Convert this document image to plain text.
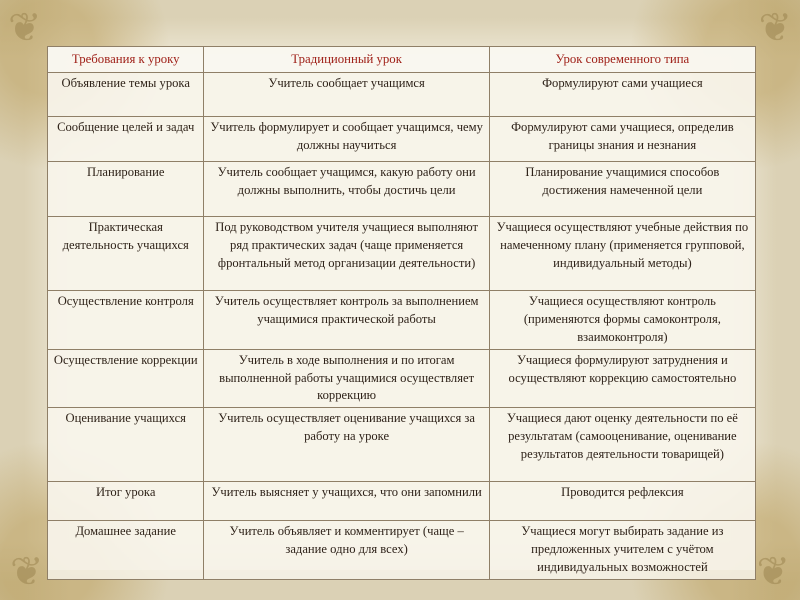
❦	❦
❦	❦
Требования к уроку	Традиционный урок	Урок современного типа
Объявление темы урока	Учитель сообщает учащимся	Формулируют сами учащиеся
Сообщение целей и задач	Учитель формулирует и сообщает учащимся, чему должны научиться	Формулируют сами учащиеся, определив границы знания и незнания
Планирование	Учитель сообщает учащимся, какую работу они должны выполнить, чтобы достичь цели	Планирование учащимися способов достижения намеченной цели
Практическая деятельность учащихся	Под руководством учителя учащиеся выполняют ряд практических задач (чаще применяется фронтальный метод организации деятельности)	Учащиеся осуществляют учебные действия по намеченному плану (применяется групповой, индивидуальный методы)
Осуществление контроля	Учитель осуществляет контроль за выполнением учащимися практической работы	Учащиеся осуществляют контроль (применяются формы самоконтроля, взаимоконтроля)
Осуществление коррекции	Учитель в ходе выполнения и по итогам выполненной работы учащимися осуществляет коррекцию	Учащиеся формулируют затруднения и осуществляют коррекцию самостоятельно
Оценивание учащихся	Учитель осуществляет оценивание учащихся за работу на уроке	Учащиеся дают оценку деятельности по её результатам (самооценивание, оценивание результатов деятельности товарищей)
Итог урока	Учитель выясняет у учащихся, что они запомнили	Проводится рефлексия
Домашнее задание	Учитель объявляет и комментирует (чаще – задание одно для всех)	Учащиеся могут выбирать задание из предложенных учителем с учётом индивидуальных возможностей
